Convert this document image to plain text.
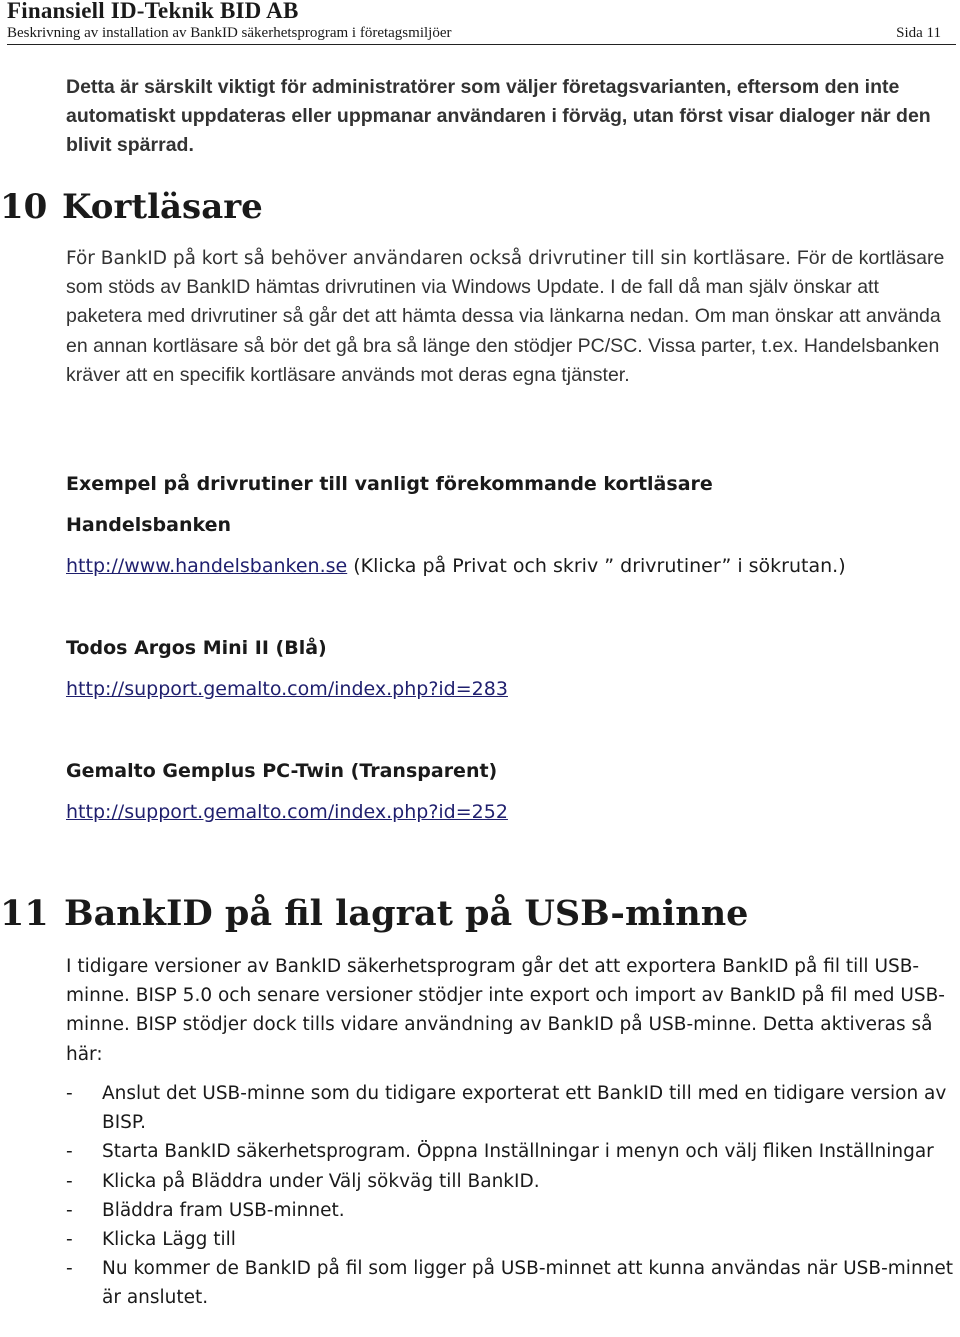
Finansiell ID-Teknik BID AB
Beskrivning av installation av BankID säkerhetsprogram i företagsmiljöer	Sida 11
Detta är särskilt viktigt för administratörer som väljer företagsvarianten, eftersom den inte automatiskt uppdateras eller uppmanar användaren i förväg, utan först visar dialoger när den blivit spärrad.
10 Kortläsare
För BankID på kort så behöver användaren också drivrutiner till sin kortläsare. För de kortläsare som stöds av BankID hämtas drivrutinen via Windows Update. I de fall då man själv önskar att paketera med drivrutiner så går det att hämta dessa via länkarna nedan. Om man önskar att använda en annan kortläsare så bör det gå bra så länge den stödjer PC/SC. Vissa parter, t.ex. Handelsbanken kräver att en specifik kortläsare används mot deras egna tjänster.
Exempel på drivrutiner till vanligt förekommande kortläsare
Handelsbanken
http://www.handelsbanken.se (Klicka på Privat och skriv ” drivrutiner” i sökrutan.)
Todos Argos Mini II (Blå)
http://support.gemalto.com/index.php?id=283
Gemalto Gemplus PC-Twin (Transparent)
http://support.gemalto.com/index.php?id=252
11 BankID på fil lagrat på USB-minne
I tidigare versioner av BankID säkerhetsprogram går det att exportera BankID på fil till USB-minne. BISP 5.0 och senare versioner stödjer inte export och import av BankID på fil med USB-minne. BISP stödjer dock tills vidare användning av BankID på USB-minne. Detta aktiveras så här:
- Anslut det USB-minne som du tidigare exporterat ett BankID till med en tidigare version av BISP.
- Starta BankID säkerhetsprogram. Öppna Inställningar i menyn och välj fliken Inställningar
- Klicka på Bläddra under Välj sökväg till BankID.
- Bläddra fram USB-minnet.
- Klicka Lägg till
- Nu kommer de BankID på fil som ligger på USB-minnet att kunna användas när USB-minnet är anslutet.
